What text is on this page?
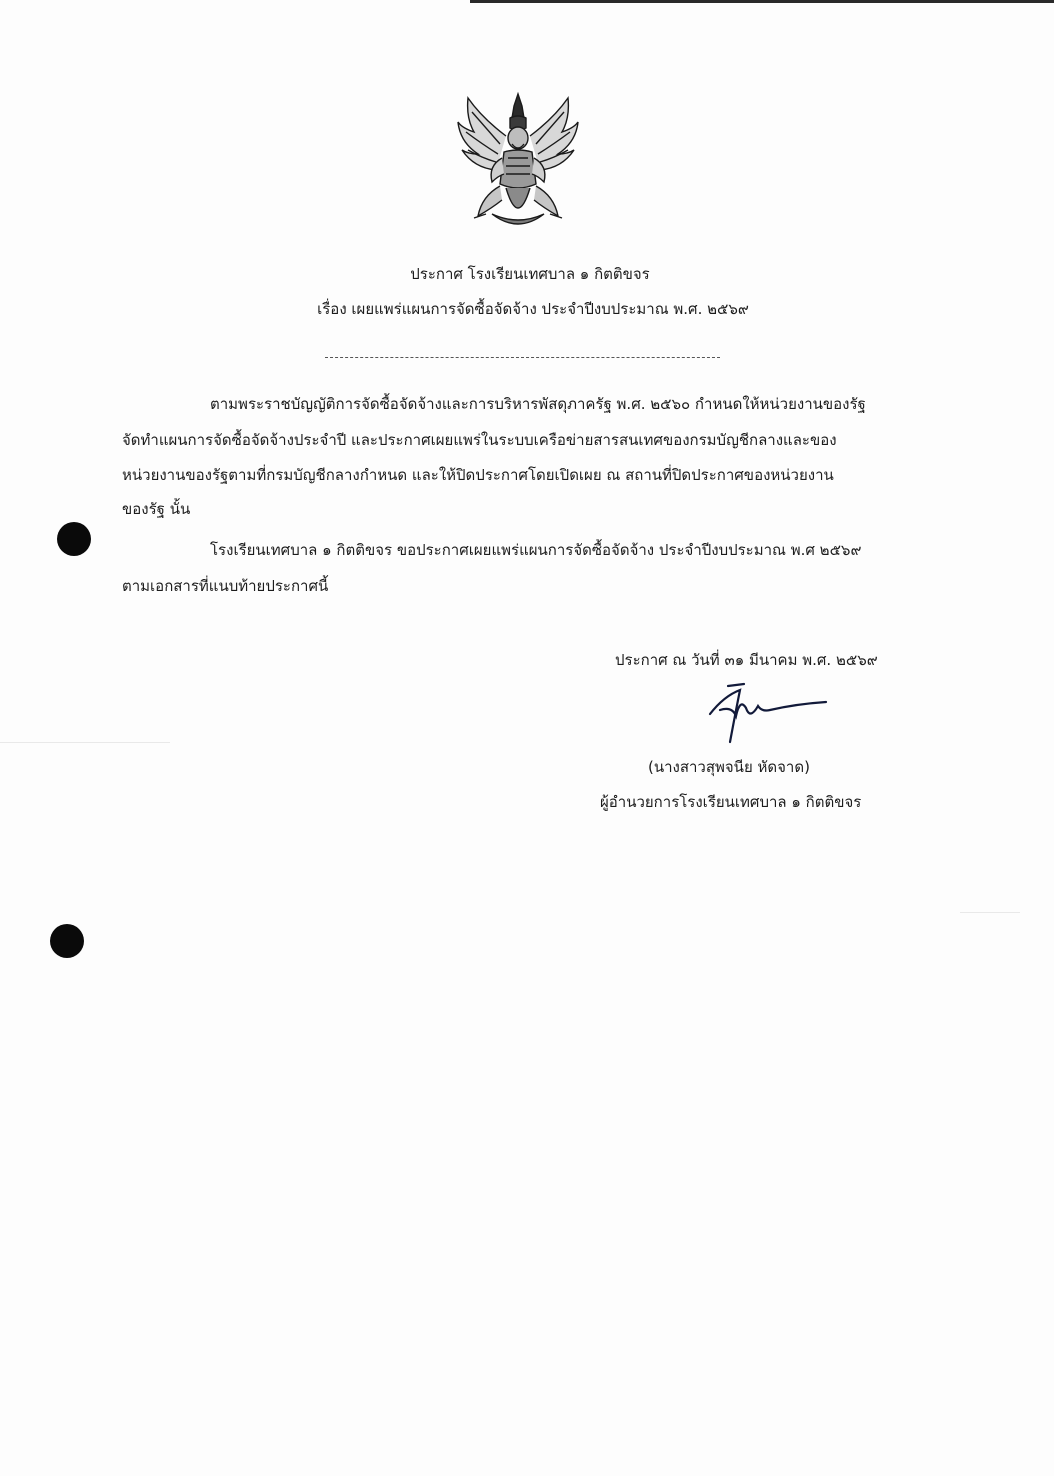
ประกาศ โรงเรียนเทศบาล ๑ กิตติขจร
เรื่อง เผยแพร่แผนการจัดซื้อจัดจ้าง ประจำปีงบประมาณ พ.ศ. ๒๕๖๙
ตามพระราชบัญญัติการจัดซื้อจัดจ้างและการบริหารพัสดุภาครัฐ พ.ศ. ๒๕๖๐ กำหนดให้หน่วยงานของรัฐ
จัดทำแผนการจัดซื้อจัดจ้างประจำปี และประกาศเผยแพร่ในระบบเครือข่ายสารสนเทศของกรมบัญชีกลางและของ
หน่วยงานของรัฐตามที่กรมบัญชีกลางกำหนด และให้ปิดประกาศโดยเปิดเผย ณ สถานที่ปิดประกาศของหน่วยงาน
ของรัฐ นั้น
โรงเรียนเทศบาล ๑ กิตติขจร ขอประกาศเผยแพร่แผนการจัดซื้อจัดจ้าง ประจำปีงบประมาณ พ.ศ ๒๕๖๙
ตามเอกสารที่แนบท้ายประกาศนี้
ประกาศ ณ วันที่ ๓๑ มีนาคม พ.ศ. ๒๕๖๙
(นางสาวสุพจนีย หัดจาด)
ผู้อำนวยการโรงเรียนเทศบาล ๑ กิตติขจร
